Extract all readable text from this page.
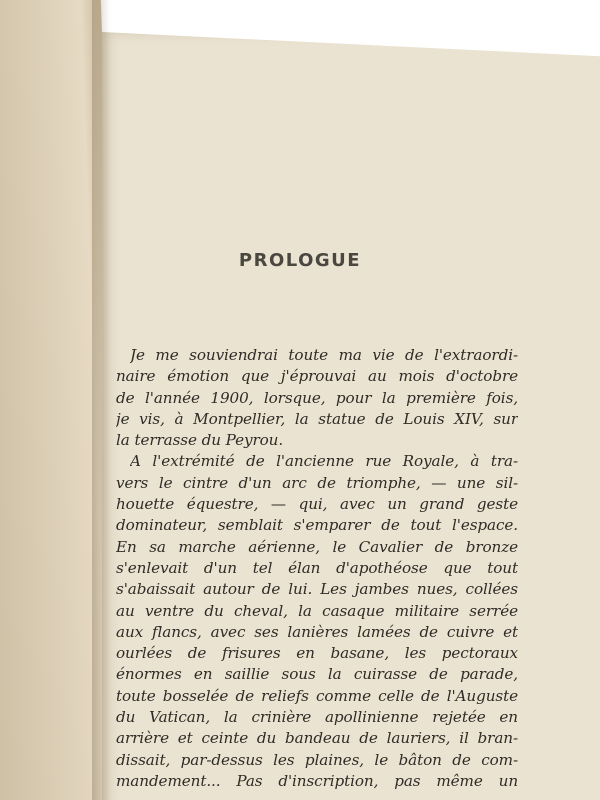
PROLOGUE
Je me souviendrai toute ma vie de l'extraordi-
naire émotion que j'éprouvai au mois d'octobre
de l'année 1900, lorsque, pour la première fois,
je vis, à Montpellier, la statue de Louis XIV, sur
la terrasse du Peyrou.
A l'extrémité de l'ancienne rue Royale, à tra-
vers le cintre d'un arc de triomphe, — une sil-
houette équestre, — qui, avec un grand geste
dominateur, semblait s'emparer de tout l'espace.
En sa marche aérienne, le Cavalier de bronze
s'enlevait d'un tel élan d'apothéose que tout
s'abaissait autour de lui. Les jambes nues, collées
au ventre du cheval, la casaque militaire serrée
aux flancs, avec ses lanières lamées de cuivre et
ourlées de frisures en basane, les pectoraux
énormes en saillie sous la cuirasse de parade,
toute bosselée de reliefs comme celle de l'Auguste
du Vatican, la crinière apollinienne rejetée en
arrière et ceinte du bandeau de lauriers, il bran-
dissait, par-dessus les plaines, le bâton de com-
mandement... Pas d'inscription, pas même un
